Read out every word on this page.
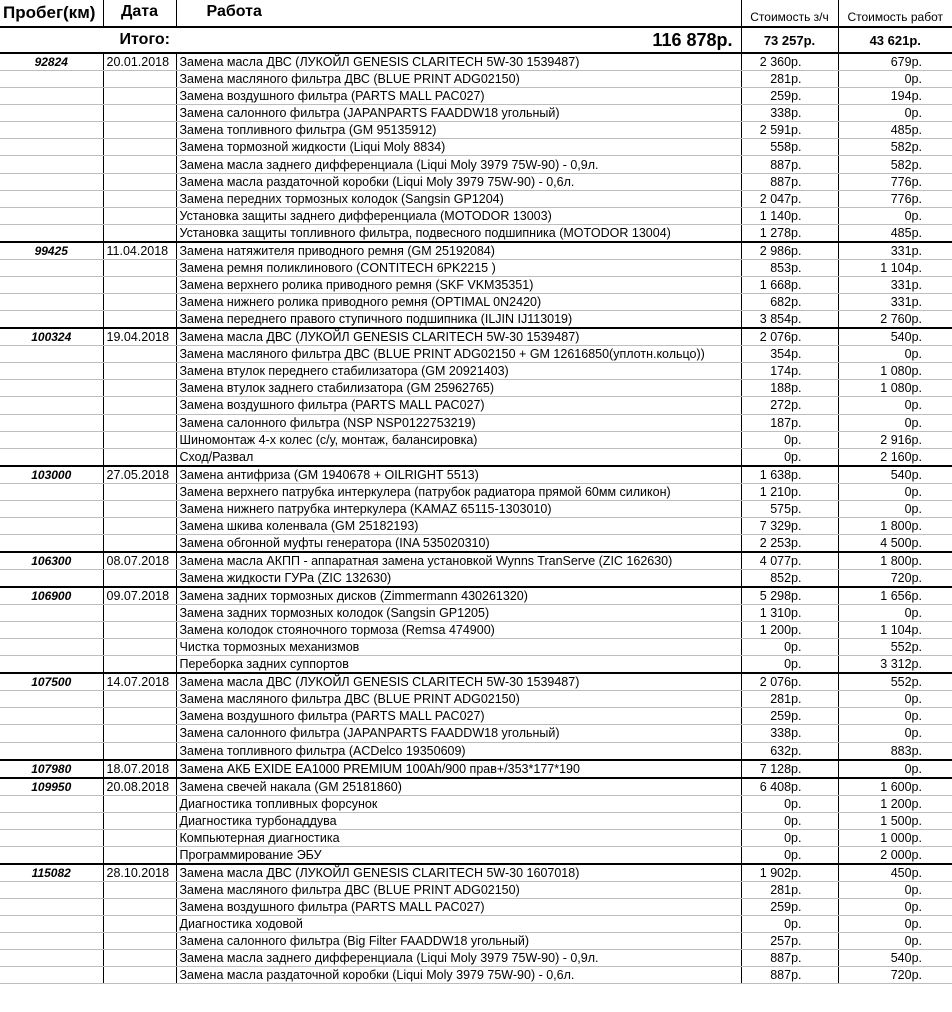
Пробег(км)	Дата	Работа	Стоимость з/ч	Стоимость работ
Итого:		116 878р.	73 257р.	43 621р.
92824	20.01.2018	Замена масла ДВС (ЛУКОЙЛ GENESIS CLARITECH 5W-30 1539487)	2 360р.	679р.
		Замена масляного фильтра ДВС (BLUE PRINT ADG02150)	281р.	0р.
		Замена воздушного фильтра (PARTS MALL PAC027)	259р.	194р.
		Замена салонного фильтра (JAPANPARTS FAADDW18 угольный)	338р.	0р.
		Замена топливного фильтра (GM 95135912)	2 591р.	485р.
		Замена тормозной жидкости (Liqui Moly 8834)	558р.	582р.
		Замена масла заднего дифференциала (Liqui Moly 3979 75W-90) - 0,9л.	887р.	582р.
		Замена масла раздаточной коробки (Liqui Moly 3979 75W-90) - 0,6л.	887р.	776р.
		Замена передних тормозных колодок (Sangsin GP1204)	2 047р.	776р.
		Установка защиты заднего дифференциала (MOTODOR 13003)	1 140р.	0р.
		Установка защиты топливного фильтра, подвесного подшипника (MOTODOR 13004)	1 278р.	485р.
99425	11.04.2018	Замена натяжителя приводного ремня (GM 25192084)	2 986р.	331р.
		Замена ремня поликлинового (CONTITECH 6PK2215 )	853р.	1 104р.
		Замена верхнего ролика приводного ремня (SKF VKM35351)	1 668р.	331р.
		Замена нижнего ролика приводного ремня (OPTIMAL 0N2420)	682р.	331р.
		Замена переднего правого ступичного подшипника (ILJIN IJ113019)	3 854р.	2 760р.
100324	19.04.2018	Замена масла ДВС (ЛУКОЙЛ GENESIS CLARITECH 5W-30 1539487)	2 076р.	540р.
		Замена масляного фильтра ДВС (BLUE PRINT ADG02150 + GM 12616850(уплотн.кольцо))	354р.	0р.
		Замена втулок переднего стабилизатора (GM 20921403)	174р.	1 080р.
		Замена втулок заднего стабилизатора (GM 25962765)	188р.	1 080р.
		Замена воздушного фильтра (PARTS MALL PAC027)	272р.	0р.
		Замена салонного фильтра (NSP NSP0122753219)	187р.	0р.
		Шиномонтаж 4-х колес (с/у, монтаж, балансировка)	0р.	2 916р.
		Сход/Развал	0р.	2 160р.
103000	27.05.2018	Замена антифриза (GM 1940678 + OILRIGHT 5513)	1 638р.	540р.
		Замена верхнего патрубка интеркулера (патрубок радиатора прямой 60мм силикон)	1 210р.	0р.
		Замена нижнего патрубка интеркулера (KAMAZ 65115-1303010)	575р.	0р.
		Замена шкива коленвала (GM 25182193)	7 329р.	1 800р.
		Замена обгонной муфты генератора (INA 535020310)	2 253р.	4 500р.
106300	08.07.2018	Замена масла АКПП - аппаратная замена установкой Wynns TranServe (ZIC 162630)	4 077р.	1 800р.
		Замена жидкости ГУРа (ZIC 132630)	852р.	720р.
106900	09.07.2018	Замена задних тормозных дисков (Zimmermann 430261320)	5 298р.	1 656р.
		Замена задних тормозных колодок (Sangsin GP1205)	1 310р.	0р.
		Замена колодок стояночного тормоза (Remsa 474900)	1 200р.	1 104р.
		Чистка тормозных механизмов	0р.	552р.
		Переборка задних суппортов	0р.	3 312р.
107500	14.07.2018	Замена масла ДВС (ЛУКОЙЛ GENESIS CLARITECH 5W-30 1539487)	2 076р.	552р.
		Замена масляного фильтра ДВС (BLUE PRINT ADG02150)	281р.	0р.
		Замена воздушного фильтра (PARTS MALL PAC027)	259р.	0р.
		Замена салонного фильтра (JAPANPARTS FAADDW18 угольный)	338р.	0р.
		Замена топливного фильтра (ACDelco 19350609)	632р.	883р.
107980	18.07.2018	Замена АКБ EXIDE EA1000 PREMIUM 100Ah/900 прав+/353*177*190	7 128р.	0р.
109950	20.08.2018	Замена свечей накала (GM 25181860)	6 408р.	1 600р.
		Диагностика топливных форсунок	0р.	1 200р.
		Диагностика турбонаддува	0р.	1 500р.
		Компьютерная диагностика	0р.	1 000р.
		Программирование ЭБУ	0р.	2 000р.
115082	28.10.2018	Замена масла ДВС (ЛУКОЙЛ GENESIS CLARITECH 5W-30 1607018)	1 902р.	450р.
		Замена масляного фильтра ДВС (BLUE PRINT ADG02150)	281р.	0р.
		Замена воздушного фильтра (PARTS MALL PAC027)	259р.	0р.
		Диагностика ходовой	0р.	0р.
		Замена салонного фильтра (Big Filter FAADDW18 угольный)	257р.	0р.
		Замена масла заднего дифференциала (Liqui Moly 3979 75W-90) - 0,9л.	887р.	540р.
		Замена масла раздаточной коробки (Liqui Moly 3979 75W-90) - 0,6л.	887р.	720р.
